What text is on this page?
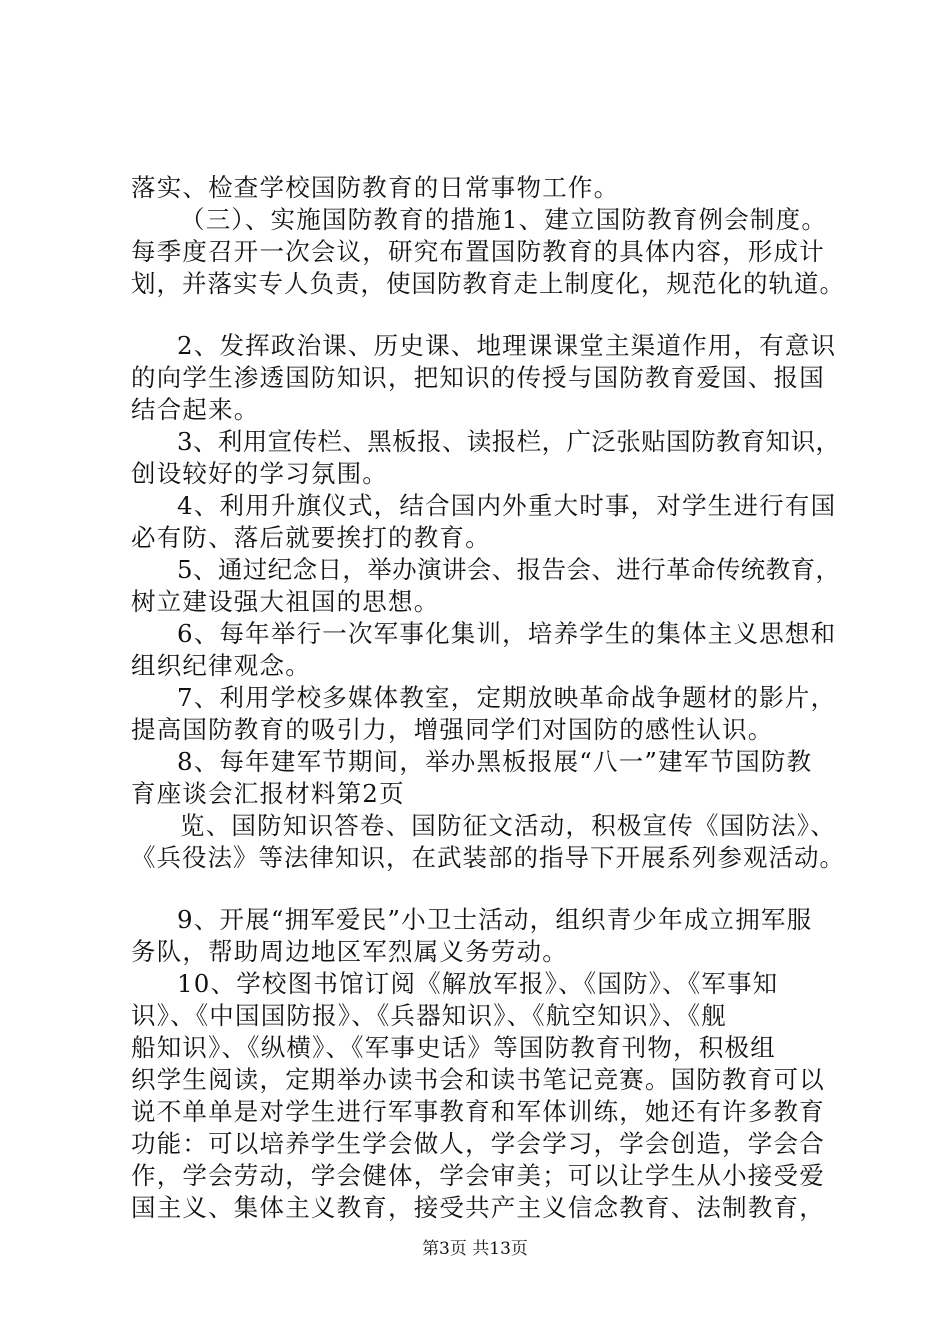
落实、检查学校国防教育的日常事物工作。
（三）、实施国防教育的措施1、建立国防教育例会制度。
每季度召开一次会议，研究布置国防教育的具体内容，形成计
划，并落实专人负责，使国防教育走上制度化，规范化的轨道。
2、发挥政治课、历史课、地理课课堂主渠道作用，有意识
的向学生渗透国防知识，把知识的传授与国防教育爱国、报国
结合起来。
3、利用宣传栏、黑板报、读报栏，广泛张贴国防教育知识，
创设较好的学习氛围。
4、利用升旗仪式，结合国内外重大时事，对学生进行有国
必有防、落后就要挨打的教育。
5、通过纪念日，举办演讲会、报告会、进行革命传统教育，
树立建设强大祖国的思想。
6、每年举行一次军事化集训，培养学生的集体主义思想和
组织纪律观念。
7、利用学校多媒体教室，定期放映革命战争题材的影片，
提高国防教育的吸引力，增强同学们对国防的感性认识。
8、每年建军节期间，举办黑板报展“八一”建军节国防教
育座谈会汇报材料第2页
览、国防知识答卷、国防征文活动，积极宣传《国防法》、
《兵役法》等法律知识，在武装部的指导下开展系列参观活动。
9、开展“拥军爱民”小卫士活动，组织青少年成立拥军服
务队，帮助周边地区军烈属义务劳动。
10、学校图书馆订阅《解放军报》、《国防》、《军事知
识》、《中国国防报》、《兵器知识》、《航空知识》、《舰
船知识》、《纵横》、《军事史话》等国防教育刊物，积极组
织学生阅读，定期举办读书会和读书笔记竞赛。国防教育可以
说不单单是对学生进行军事教育和军体训练，她还有许多教育
功能：可以培养学生学会做人，学会学习，学会创造，学会合
作，学会劳动，学会健体，学会审美；可以让学生从小接受爱
国主义、集体主义教育，接受共产主义信念教育、法制教育，
第3页 共13页
